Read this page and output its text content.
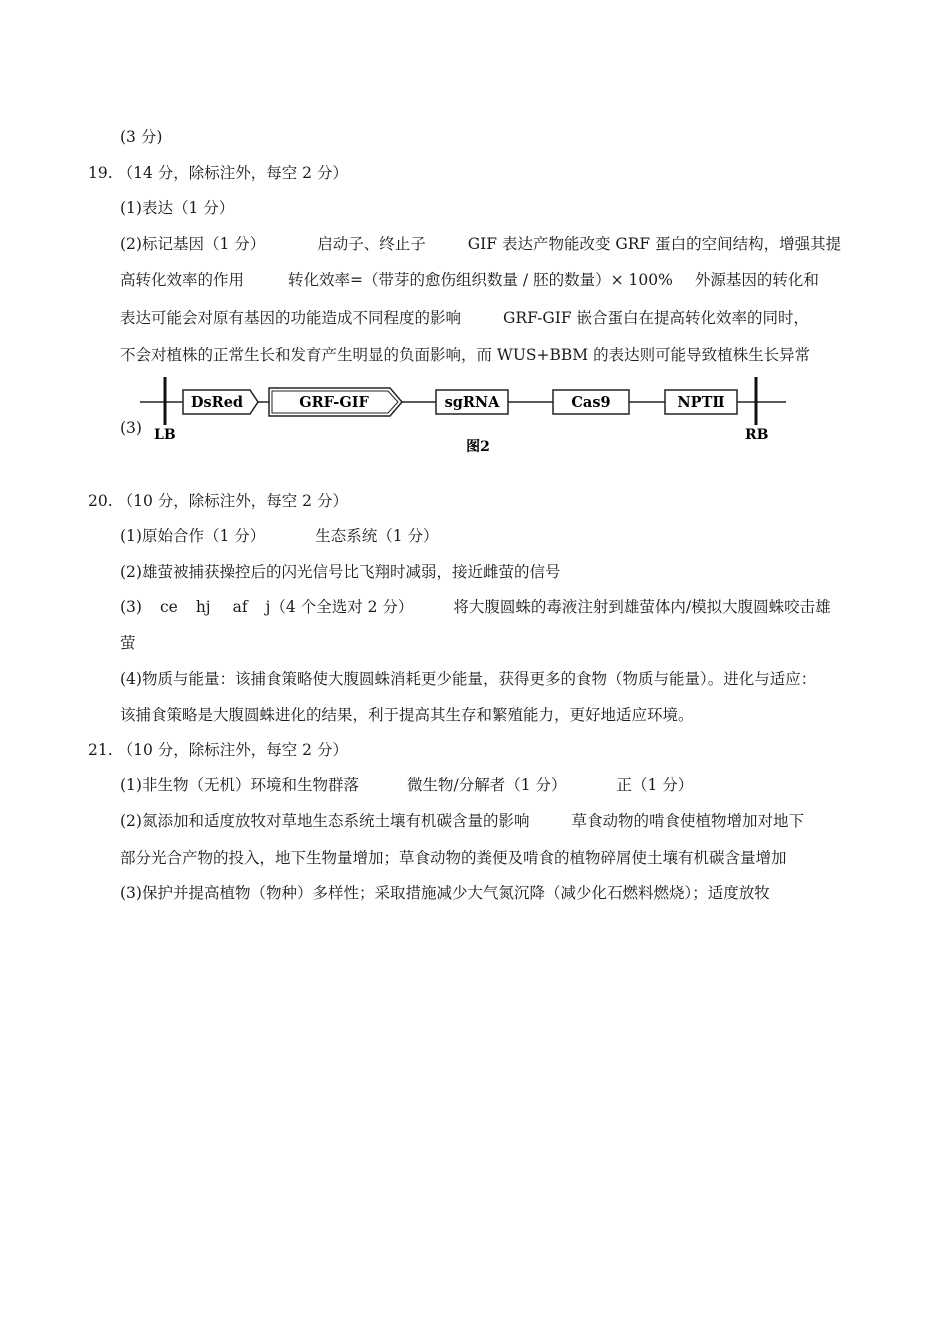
(3 分)
19. （14 分，除标注外，每空 2 分）
(1)表达（1 分）
(2)标记基因（1 分）	启动子、终止子	GIF 表达产物能改变 GRF 蛋白的空间结构，增强其提
高转化效率的作用	转化效率=（带芽的愈伤组织数量 / 胚的数量）× 100% 外源基因的转化和
表达可能会对原有基因的功能造成不同程度的影响	GRF-GIF 嵌合蛋白在提高转化效率的同时，
不会对植株的正常生长和发育产生明显的负面影响，而 WUS+BBM 的表达则可能导致植株生长异常
(3)
DsRed	GRF-GIF	sgRNA	Cas9	NPTⅡ
LB	RB
图2
20. （10 分，除标注外，每空 2 分）
(1)原始合作（1 分）	生态系统（1 分）
(2)雄萤被捕获操控后的闪光信号比飞翔时减弱，接近雌萤的信号
(3) ce hj af j（4 个全选对 2 分）	将大腹圆蛛的毒液注射到雄萤体内/模拟大腹圆蛛咬击雄
萤
(4)物质与能量：该捕食策略使大腹圆蛛消耗更少能量，获得更多的食物（物质与能量）。进化与适应：
该捕食策略是大腹圆蛛进化的结果，利于提高其生存和繁殖能力，更好地适应环境。
21. （10 分，除标注外，每空 2 分）
(1)非生物（无机）环境和生物群落	微生物/分解者（1 分）	正（1 分）
(2)氮添加和适度放牧对草地生态系统土壤有机碳含量的影响	草食动物的啃食使植物增加对地下
部分光合产物的投入，地下生物量增加；草食动物的粪便及啃食的植物碎屑使土壤有机碳含量增加
(3)保护并提高植物（物种）多样性；采取措施减少大气氮沉降（减少化石燃料燃烧）；适度放牧
